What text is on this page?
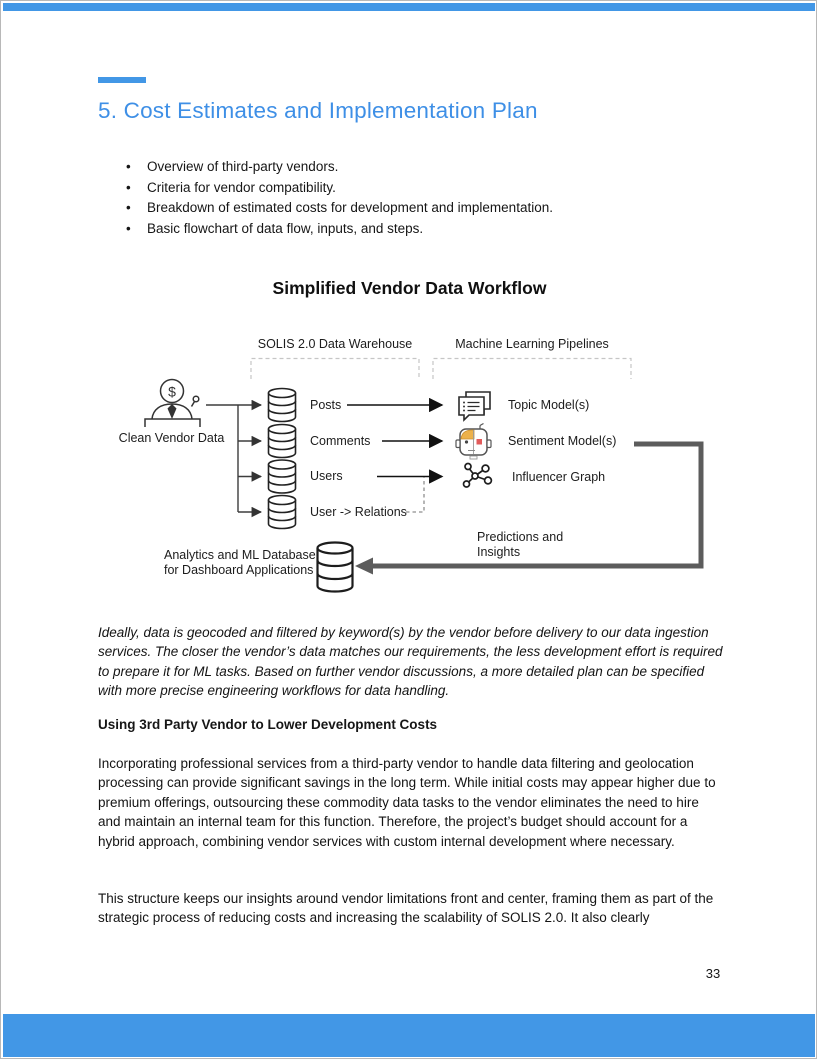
5. Cost Estimates and Implementation Plan
• Overview of third-party vendors.
• Criteria for vendor compatibility.
• Breakdown of estimated costs for development and implementation.
• Basic flowchart of data flow, inputs, and steps.
Simplified Vendor Data Workflow
SOLIS 2.0 Data Warehouse	Machine Learning Pipelines
Clean Vendor Data
Posts
Comments
Users
User -> Relations
Topic Model(s)
Sentiment Model(s)
Influencer Graph
Predictions and
Insights
Analytics and ML Database
for Dashboard Applications
$
Ideally, data is geocoded and filtered by keyword(s) by the vendor before delivery to our data ingestion services. The closer the vendor’s data matches our requirements, the less development effort is required to prepare it for ML tasks. Based on further vendor discussions, a more detailed plan can be specified with more precise engineering workflows for data handling.
Using 3rd Party Vendor to Lower Development Costs
Incorporating professional services from a third-party vendor to handle data filtering and geolocation processing can provide significant savings in the long term. While initial costs may appear higher due to premium offerings, outsourcing these commodity data tasks to the vendor eliminates the need to hire and maintain an internal team for this function. Therefore, the project’s budget should account for a hybrid approach, combining vendor services with custom internal development where necessary.
This structure keeps our insights around vendor limitations front and center, framing them as part of the strategic process of reducing costs and increasing the scalability of SOLIS 2.0. It also clearly
33
